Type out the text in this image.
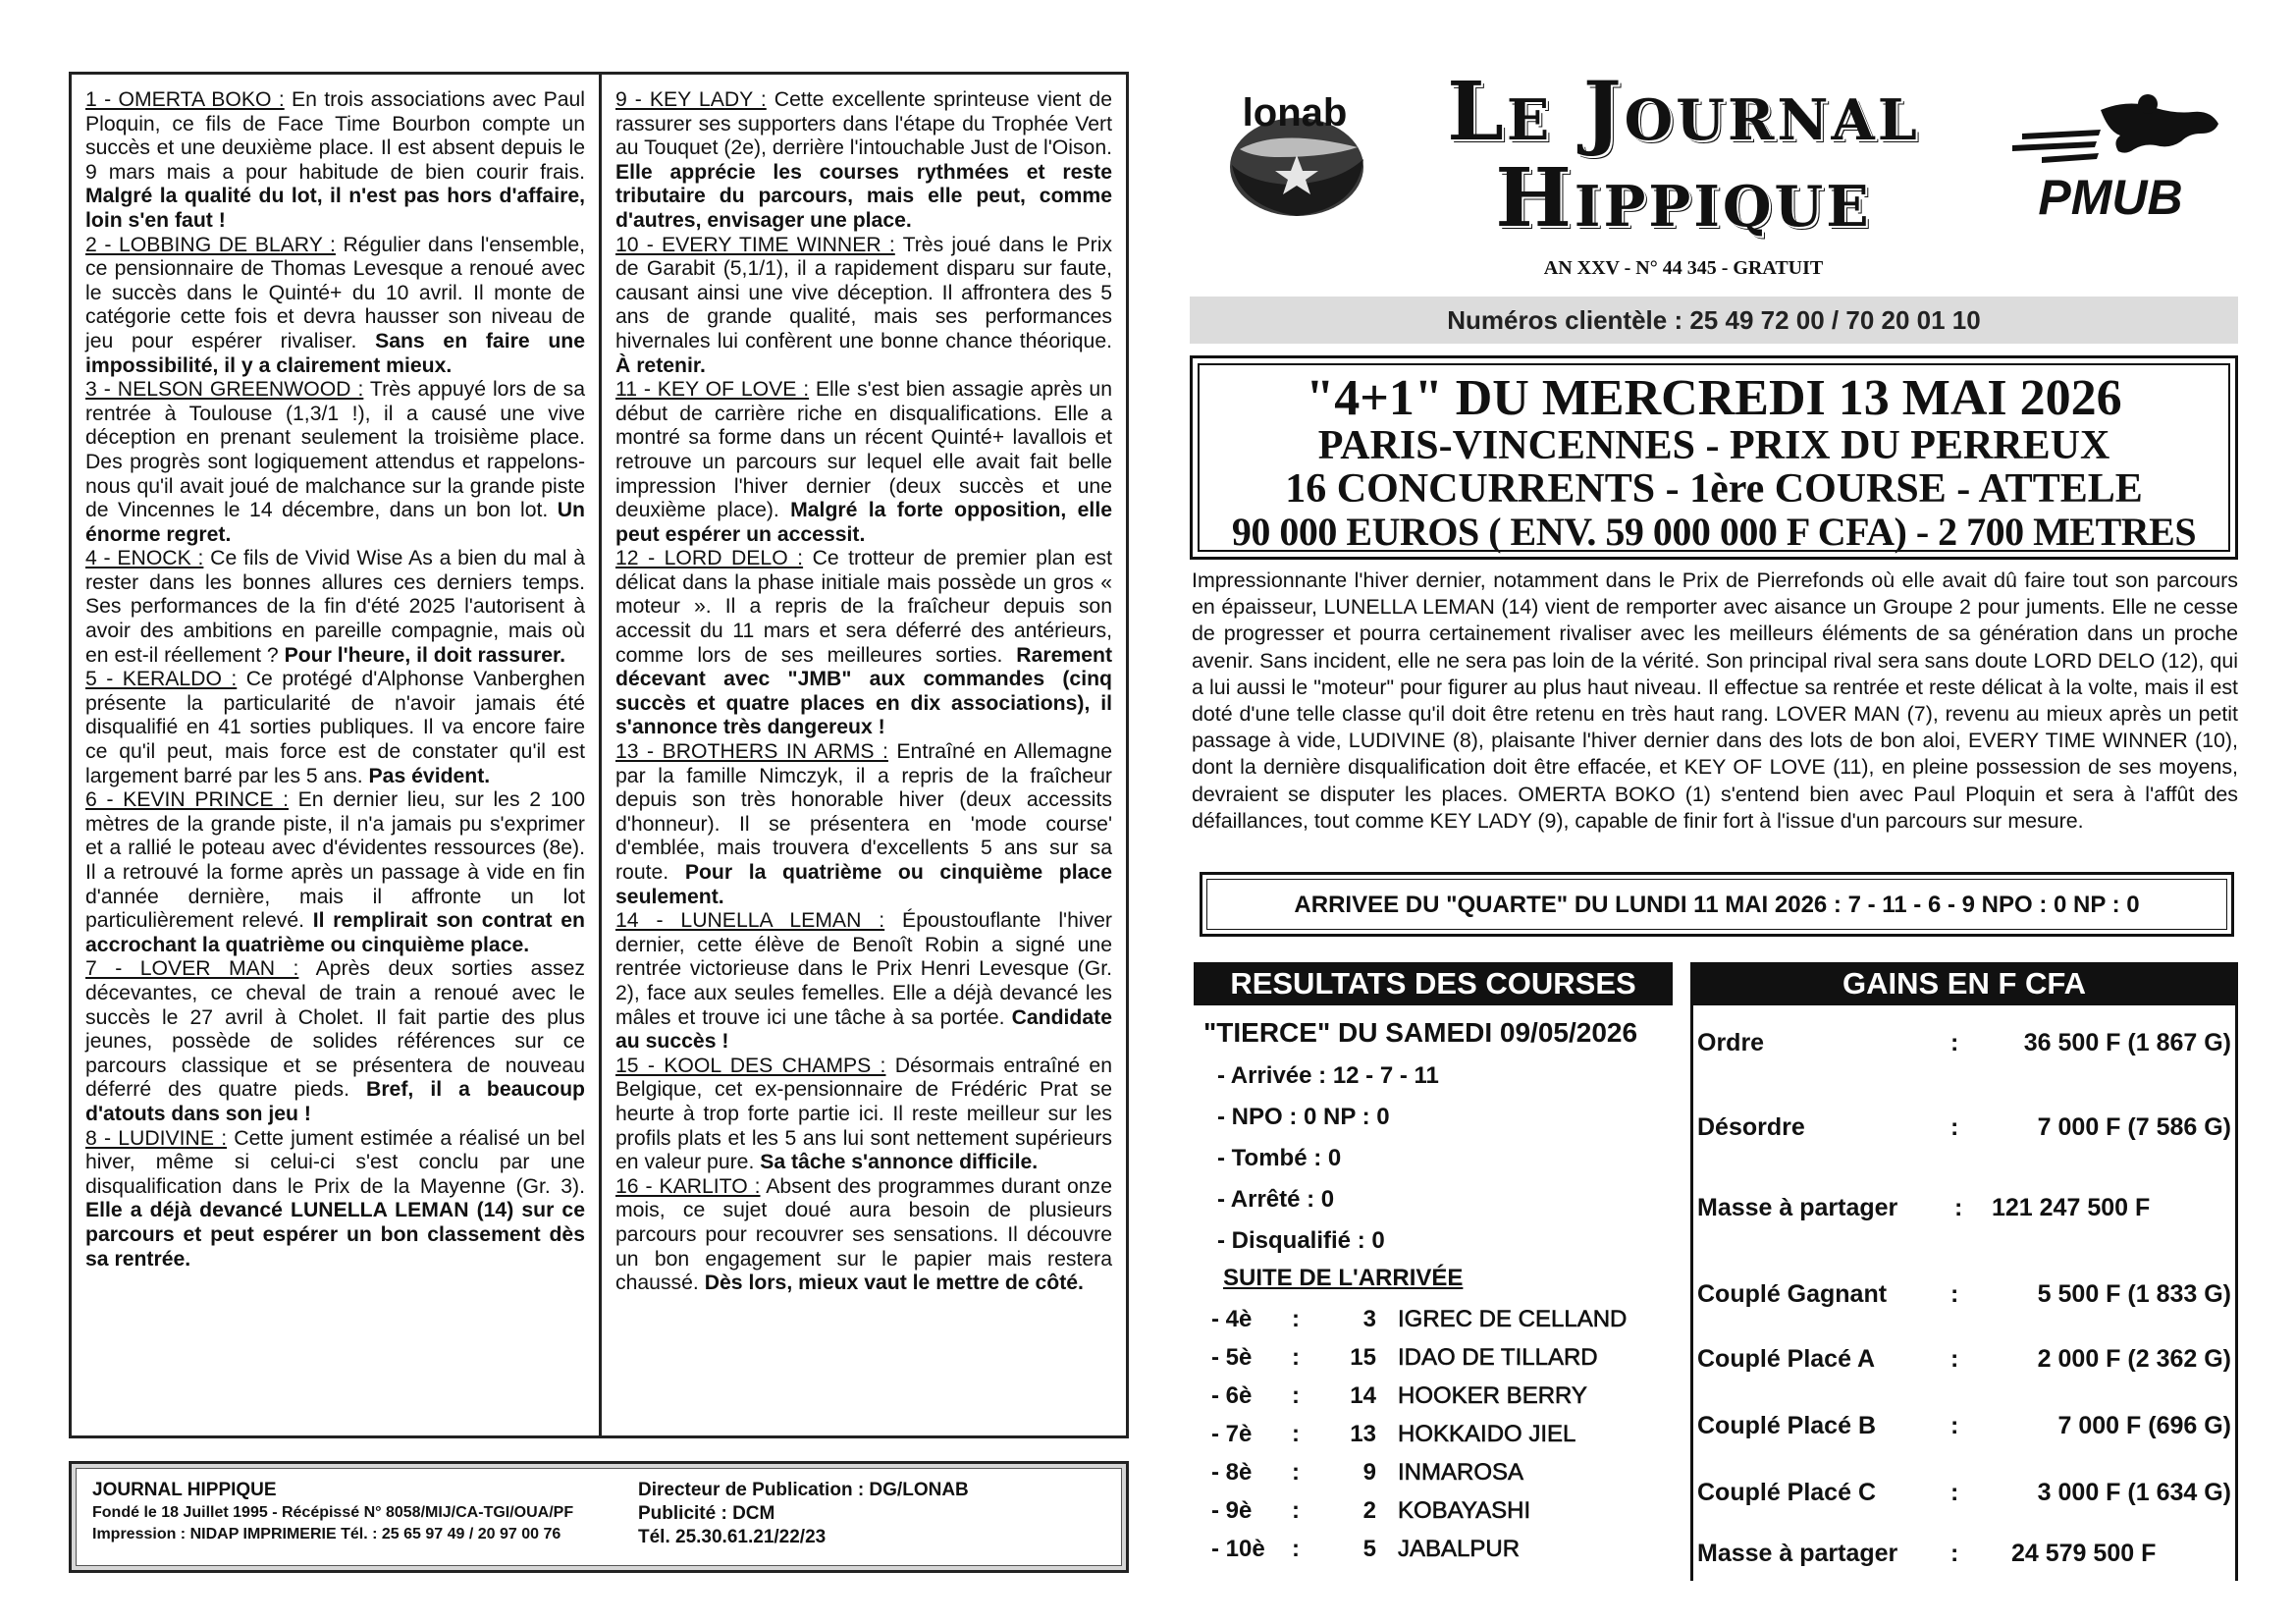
1 - OMERTA BOKO : En trois associations avec Paul Ploquin, ce fils de Face Time Bourbon compte un succès et une deuxième place. Il est absent depuis le 9 mars mais a pour habitude de bien courir frais. Malgré la qualité du lot, il n'est pas hors d'affaire, loin s'en faut !

2 - LOBBING DE BLARY : Régulier dans l'ensemble, ce pensionnaire de Thomas Levesque a renoué avec le succès dans le Quinté+ du 10 avril. Il monte de catégorie cette fois et devra hausser son niveau de jeu pour espérer rivaliser. Sans en faire une impossibilité, il y a clairement mieux.

3 - NELSON GREENWOOD : Très appuyé lors de sa rentrée à Toulouse (1,3/1 !), il a causé une vive déception en prenant seulement la troisième place. Des progrès sont logiquement attendus et rappelons-nous qu'il avait joué de malchance sur la grande piste de Vincennes le 14 décembre, dans un bon lot. Un énorme regret.

4 - ENOCK : Ce fils de Vivid Wise As a bien du mal à rester dans les bonnes allures ces derniers temps. Ses performances de la fin d'été 2025 l'autorisent à avoir des ambitions en pareille compagnie, mais où en est-il réellement ? Pour l'heure, il doit rassurer.

5 - KERALDO : Ce protégé d'Alphonse Vanberghen présente la particularité de n'avoir jamais été disqualifié en 41 sorties publiques. Il va encore faire ce qu'il peut, mais force est de constater qu'il est largement barré par les 5 ans. Pas évident.

6 - KEVIN PRINCE : En dernier lieu, sur les 2 100 mètres de la grande piste, il n'a jamais pu s'exprimer et a rallié le poteau avec d'évidentes ressources (8e). Il a retrouvé la forme après un passage à vide en fin d'année dernière, mais il affronte un lot particulièrement relevé. Il remplirait son contrat en accrochant la quatrième ou cinquième place.

7 - LOVER MAN : Après deux sorties assez décevantes, ce cheval de train a renoué avec le succès le 27 avril à Cholet. Il fait partie des plus jeunes, possède de solides références sur ce parcours classique et se présentera de nouveau déferré des quatre pieds. Bref, il a beaucoup d'atouts dans son jeu !

8 - LUDIVINE : Cette jument estimée a réalisé un bel hiver, même si celui-ci s'est conclu par une disqualification dans le Prix de la Mayenne (Gr. 3). Elle a déjà devancé LUNELLA LEMAN (14) sur ce parcours et peut espérer un bon classement dès sa rentrée.

9 - KEY LADY : Cette excellente sprinteuse vient de rassurer ses supporters dans l'étape du Trophée Vert au Touquet (2e), derrière l'intouchable Just de l'Oison. Elle apprécie les courses rythmées et reste tributaire du parcours, mais elle peut, comme d'autres, envisager une place.

10 - EVERY TIME WINNER : Très joué dans le Prix de Garabit (5,1/1), il a rapidement disparu sur faute, causant ainsi une vive déception. Il affrontera des 5 ans de grande qualité, mais ses performances hivernales lui confèrent une bonne chance théorique. À retenir.

11 - KEY OF LOVE : Elle s'est bien assagie après un début de carrière riche en disqualifications. Elle a montré sa forme dans un récent Quinté+ lavallois et retrouve un parcours sur lequel elle avait fait belle impression l'hiver dernier (deux succès et une deuxième place). Malgré la forte opposition, elle peut espérer un accessit.

12 - LORD DELO : Ce trotteur de premier plan est délicat dans la phase initiale mais possède un gros « moteur ». Il a repris de la fraîcheur depuis son accessit du 11 mars et sera déferré des antérieurs, comme lors de ses meilleures sorties. Rarement décevant avec "JMB" aux commandes (cinq succès et quatre places en dix associations), il s'annonce très dangereux !

13 - BROTHERS IN ARMS : Entraîné en Allemagne par la famille Nimczyk, il a repris de la fraîcheur depuis son très honorable hiver (deux accessits d'honneur). Il se présentera en 'mode course' d'emblée, mais trouvera d'excellents 5 ans sur sa route. Pour la quatrième ou cinquième place seulement.

14 - LUNELLA LEMAN : Époustouflante l'hiver dernier, cette élève de Benoît Robin a signé une rentrée victorieuse dans le Prix Henri Levesque (Gr. 2), face aux seules femelles. Elle a déjà devancé les mâles et trouve ici une tâche à sa portée. Candidate au succès !

15 - KOOL DES CHAMPS : Désormais entraîné en Belgique, cet ex-pensionnaire de Frédéric Prat se heurte à trop forte partie ici. Il reste meilleur sur les profils plats et les 5 ans lui sont nettement supérieurs en valeur pure. Sa tâche s'annonce difficile.

16 - KARLITO : Absent des programmes durant onze mois, ce sujet doué aura besoin de plusieurs parcours pour recouvrer ses sensations. Il découvre un bon engagement sur le papier mais restera chaussé. Dès lors, mieux vaut le mettre de côté.

JOURNAL HIPPIQUE
Fondé le 18 Juillet 1995 - Récépissé N° 8058/MIJ/CA-TGI/OUA/PF
Impression : NIDAP IMPRIMERIE Tél. : 25 65 97 49 / 20 97 00 76
Directeur de Publication : DG/LONAB
Publicité : DCM
Tél. 25.30.61.21/22/23
lonab	Le Journal
Hippique	PMUB
AN XXV - N° 44 345 - GRATUIT
Numéros clientèle : 25 49 72 00 / 70 20 01 10
"4+1" DU MERCREDI 13 MAI 2026
PARIS-VINCENNES - PRIX DU PERREUX
16 CONCURRENTS - 1ère COURSE - ATTELE
90 000 EUROS ( ENV. 59 000 000 F CFA) - 2 700 METRES

Impressionnante l'hiver dernier, notamment dans le Prix de Pierrefonds où elle avait dû faire tout son parcours en épaisseur, LUNELLA LEMAN (14) vient de remporter avec aisance un Groupe 2 pour juments. Elle ne cesse de progresser et pourra certainement rivaliser avec les meilleurs éléments de sa génération dans un proche avenir. Sans incident, elle ne sera pas loin de la vérité. Son principal rival sera sans doute LORD DELO (12), qui a lui aussi le "moteur" pour figurer au plus haut niveau. Il effectue sa rentrée et reste délicat à la volte, mais il est doté d'une telle classe qu'il doit être retenu en très haut rang. LOVER MAN (7), revenu au mieux après un petit passage à vide, LUDIVINE (8), plaisante l'hiver dernier dans des lots de bon aloi, EVERY TIME WINNER (10), dont la dernière disqualification doit être effacée, et KEY OF LOVE (11), en pleine possession de ses moyens, devraient se disputer les places. OMERTA BOKO (1) s'entend bien avec Paul Ploquin et sera à l'affût des défaillances, tout comme KEY LADY (9), capable de finir fort à l'issue d'un parcours sur mesure.

ARRIVEE DU "QUARTE" DU LUNDI 11 MAI 2026 : 7 - 11 - 6 - 9 NPO : 0 NP : 0
RESULTATS DES COURSES	GAINS EN F CFA
"TIERCE" DU SAMEDI 09/05/2026
- Arrivée : 12 - 7 - 11
- NPO : 0 NP : 0
- Tombé : 0
- Arrêté : 0
- Disqualifié : 0
SUITE DE L'ARRIVÉE
- 4è :	3 IGREC DE CELLAND
- 5è :	15 IDAO DE TILLARD
- 6è :	14 HOOKER BERRY
- 7è :	13 HOKKAIDO JIEL
- 8è :	9 INMAROSA
- 9è :	2 KOBAYASHI
- 10è :	5 JABALPUR
Ordre	:	36 500 F (1 867 G)
Désordre	:	7 000 F (7 586 G)
Masse à partager : 121 247 500 F
Couplé Gagnant	:	5 500 F (1 833 G)
Couplé Placé A	:	2 000 F (2 362 G)
Couplé Placé B	:	7 000 F (696 G)
Couplé Placé C	:	3 000 F (1 634 G)
Masse à partager : 24 579 500 F
